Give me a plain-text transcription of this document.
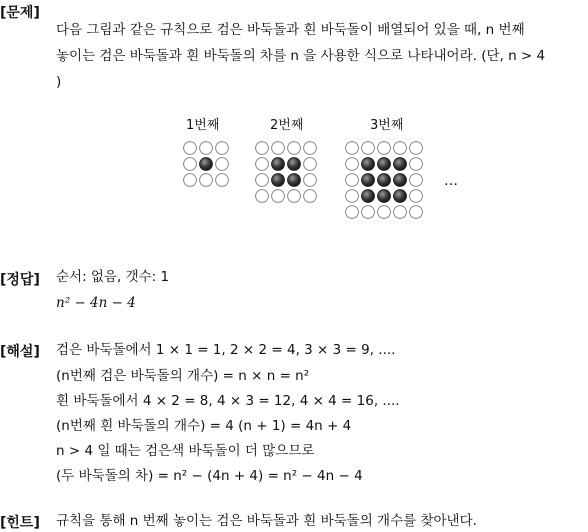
[문제]
다음 그림과 같은 규칙으로 검은 바둑돌과 흰 바둑돌이 배열되어 있을 때, n 번째
놓이는 검은 바둑돌과 흰 바둑돌의 차를 n 을 사용한 식으로 나타내어라. (단, n > 4
)
1번째	2번째	3번째
…
[정답] 순서: 없음, 갯수: 1
n² − 4n − 4
[해설] 검은 바둑돌에서 1 × 1 = 1, 2 × 2 = 4, 3 × 3 = 9, ....
(n번째 검은 바둑돌의 개수) = n × n = n²
흰 바둑돌에서 4 × 2 = 8, 4 × 3 = 12, 4 × 4 = 16, ....
(n번째 흰 바둑돌의 개수) = 4 (n + 1) = 4n + 4
n > 4 일 때는 검은색 바둑돌이 더 많으므로
(두 바둑돌의 차) = n² − (4n + 4) = n² − 4n − 4
[힌트] 규칙을 통해 n 번째 놓이는 검은 바둑돌과 흰 바둑돌의 개수를 찾아낸다.
